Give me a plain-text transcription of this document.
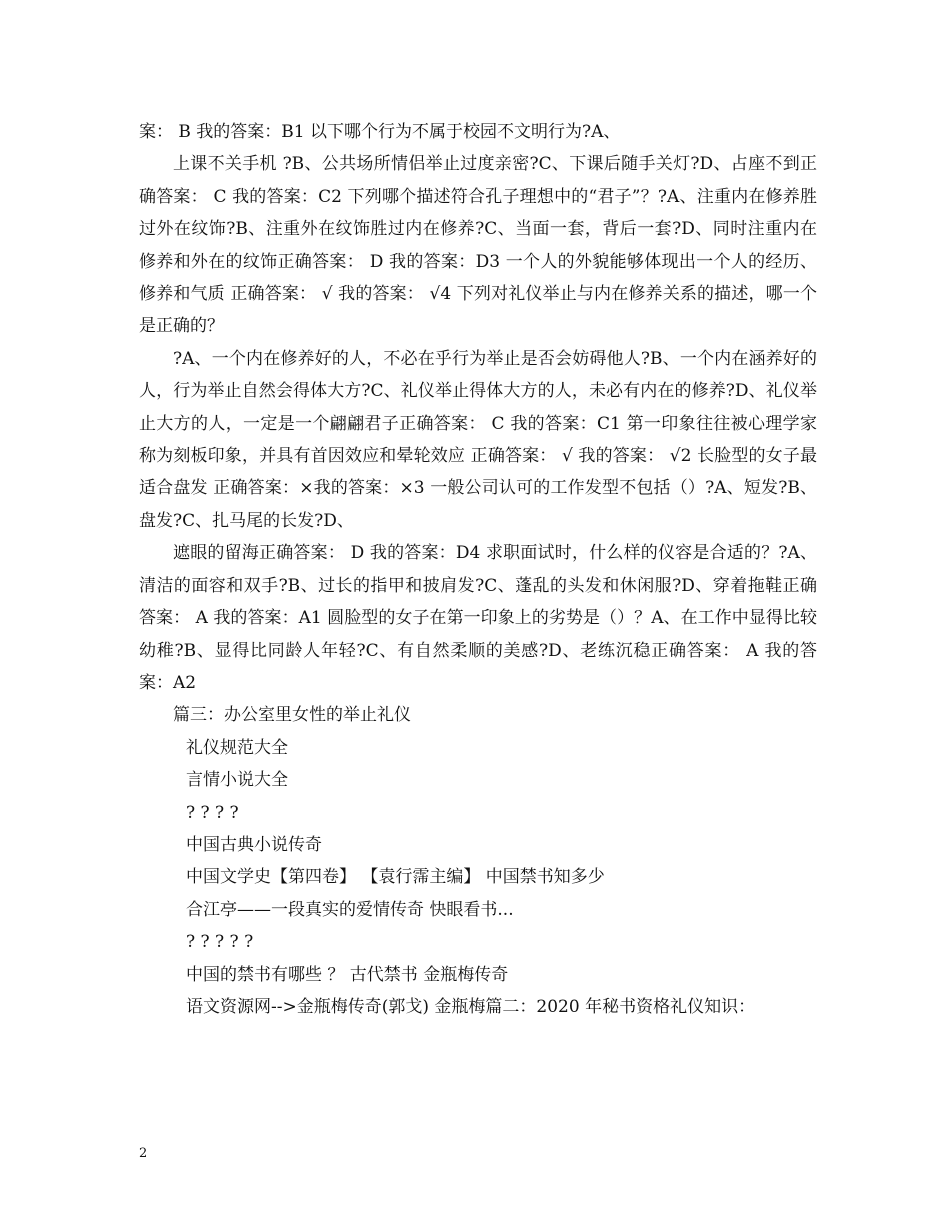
案： B 我的答案：B1 以下哪个行为不属于校园不文明行为?A、

上课不关手机 ?B、公共场所情侣举止过度亲密?C、下课后随手关灯?D、占座不到正确答案： C 我的答案：C2 下列哪个描述符合孔子理想中的“君子”？?A、注重内在修养胜过外在纹饰?B、注重外在纹饰胜过内在修养?C、当面一套，背后一套?D、同时注重内在修养和外在的纹饰正确答案： D 我的答案：D3 一个人的外貌能够体现出一个人的经历、修养和气质 正确答案： √ 我的答案： √4 下列对礼仪举止与内在修养关系的描述，哪一个是正确的？

?A、一个内在修养好的人，不必在乎行为举止是否会妨碍他人?B、一个内在涵养好的人，行为举止自然会得体大方?C、礼仪举止得体大方的人，未必有内在的修养?D、礼仪举止大方的人，一定是一个翩翩君子正确答案： C 我的答案：C1 第一印象往往被心理学家称为刻板印象，并具有首因效应和晕轮效应 正确答案： √ 我的答案： √2 长脸型的女子最适合盘发 正确答案：×我的答案：×3 一般公司认可的工作发型不包括（）?A、短发?B、盘发?C、扎马尾的长发?D、

遮眼的留海正确答案： D 我的答案：D4 求职面试时，什么样的仪容是合适的？?A、清洁的面容和双手?B、过长的指甲和披肩发?C、蓬乱的头发和休闲服?D、穿着拖鞋正确答案： A 我的答案：A1 圆脸型的女子在第一印象上的劣势是（）？A、在工作中显得比较幼稚?B、显得比同龄人年轻?C、有自然柔顺的美感?D、老练沉稳正确答案： A 我的答案：A2

篇三：办公室里女性的举止礼仪

礼仪规范大全

言情小说大全

? ? ? ?

中国古典小说传奇

中国文学史【第四卷】 【袁行霈主编】 中国禁书知多少

合江亭——一段真实的爱情传奇 快眼看书...

? ? ? ? ?

中国的禁书有哪些 ？ 古代禁书 金瓶梅传奇

语文资源网-->金瓶梅传奇(郭戈) 金瓶梅篇二：2020 年秘书资格礼仪知识：

2
